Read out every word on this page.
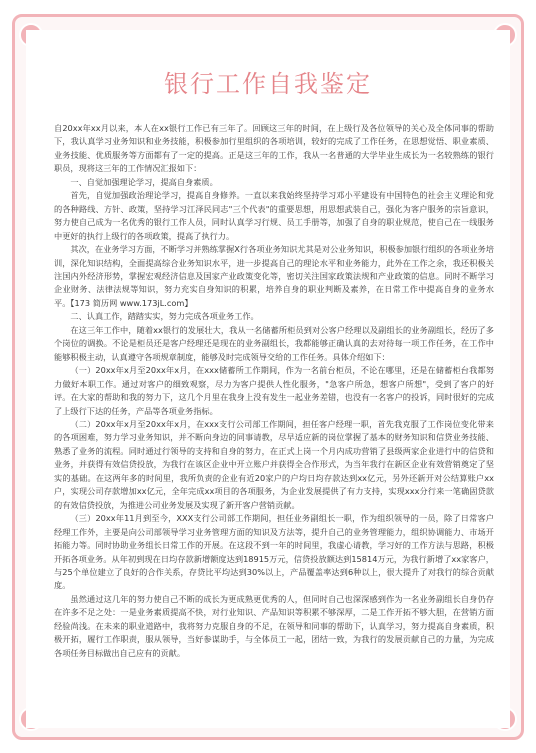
银行工作自我鉴定

自20xx年xx月以来，本人在xx银行工作已有三年了。回顾这三年的时间，在上级行及各位领导的关心及全体同事的帮助下，我认真学习业务知识和业务技能，积极参加行里组织的各项培训，较好的完成了工作任务，在思想觉悟、职业素质、业务技能、优质服务等方面都有了一定的提高。正是这三年的工作，我从一名普通的大学毕业生成长为一名较熟练的银行职员，现将这三年的工作情况汇报如下：

一、自觉加强理论学习，提高自身素质。

首先，自觉加强政治理论学习，提高自身修养。一直以来我始终坚持学习邓小平建设有中国特色的社会主义理论和党的各种路线、方针、政策，坚持学习江泽民同志"三个代表"的重要思想，用思想武装自己，强化为客户服务的宗旨意识，努力使自己成为一名优秀的银行工作人员，同时认真学习行规、员工手册等，加强了自身的职业规范，使自己在一线服务中更好的执行上级行的各项政策，提高了执行力。

其次，在业务学习方面，不断学习并熟练掌握X行各项业务知识尤其是对公业务知识，积极参加银行组织的各项业务培训，深化知识结构，全面提高综合业务知识水平，进一步提高自己的理论水平和业务能力，此外在工作之余，我还积极关注国内外经济形势，掌握宏观经济信息及国家产业政策变化等，密切关注国家政策法规和产业政策的信息。同时不断学习企业财务、法律法规等知识，努力充实自身知识的积累，培养自身的职业判断及素养，在日常工作中提高自身的业务水平。【173 简历网 www.173jL.com】

二、认真工作，踏踏实实，努力完成各项业务工作。

在这三年工作中，随着xx银行的发展壮大，我从一名储蓄所柜员到对公客户经理以及副组长的业务副组长，经历了多个岗位的调换。不论是柜员还是客户经理还是现在的业务副组长，我都能够正确认真的去对待每一项工作任务，在工作中能够积极主动，认真遵守各项规章制度，能够及时完成领导交给的工作任务。具体介绍如下：

（一）20xx年x月至20xx年x月，在xxx储蓄所工作期间，作为一名前台柜员，不论在哪里，还是在储蓄柜台我都努力做好本职工作。通过对客户的细致观察，尽力为客户提供人性化服务，"急客户所急，想客户所想"，受到了客户的好评。在大家的帮助和我的努力下，这几个月里在我身上没有发生一起业务差错，也没有一名客户的投诉，同时很好的完成了上级行下达的任务，产品等各项业务指标。

（二）20xx年x月至20xx年x月，在xxx支行公司部工作期间，担任客户经理一职，首先我克服了工作岗位变化带来的各项困难，努力学习业务知识，并不断向身边的同事请教，尽早适应新的岗位掌握了基本的财务知识和信贷业务技能、熟悉了业务的流程。同时通过行领导的支持和自身的努力，在正式上岗一个月内成功营销了县级两家企业进行中的信贷和业务，并获得有效信贷投放，为我行在该区企业中开立账户并获得全合作形式，为当年我行在新区企业有效营销奠定了坚实的基础。在这两年多的时间里，我所负责的企业有近20家户的户均日均存款达到xx亿元，另外还新开对公结算账户xx户，实现公司存款增加xx亿元，全年完成xx项目的各项服务，为企业发展提供了有力支持，实现xxx分行来一笔确固贷款的有效信贷投放，为推进公司业务发展及实现了新开客户营销贡献。

（三）20xx年11月到至今，XXX支行公司部工作期间，担任业务副组长一职，作为组织领导的一员，除了日常客户经理工作外，主要是向公司部领导学习业务管理方面的知识及方法等，提升自己的业务管理能力，组织协调能力、市场开拓能力等。同时协助业务组长日常工作的开展。在这段不到一年的时间里，我虚心请教，学习好的工作方法与思路，积极开拓各项业务。从年初到现在日均存款新增额度达到18915万元，信贷投放额达到15814万元，为我行新增了xx家客户，与25个单位建立了良好的合作关系，存贷比平均达到30%以上，产品覆盖率达到6种以上，很大提升了对我行的综合贡献度。

虽然通过这几年的努力使自己不断的成长为更成熟更优秀的人，但同时自己也深深感到作为一名业务副组长自身仍存在许多不足之处：一是业务素质提高不快，对行业知识、产品知识等积累不够深厚，二是工作开拓不够大胆，在营销方面经验尚浅。在未来的职业道路中，我将努力克服自身的不足，在领导和同事的帮助下，认真学习，努力提高自身素质，积极开拓，履行工作职责，服从领导，当好参谋助手，与全体员工一起，团结一致，为我行的发展贡献自己的力量，为完成各项任务目标做出自己应有的贡献。
